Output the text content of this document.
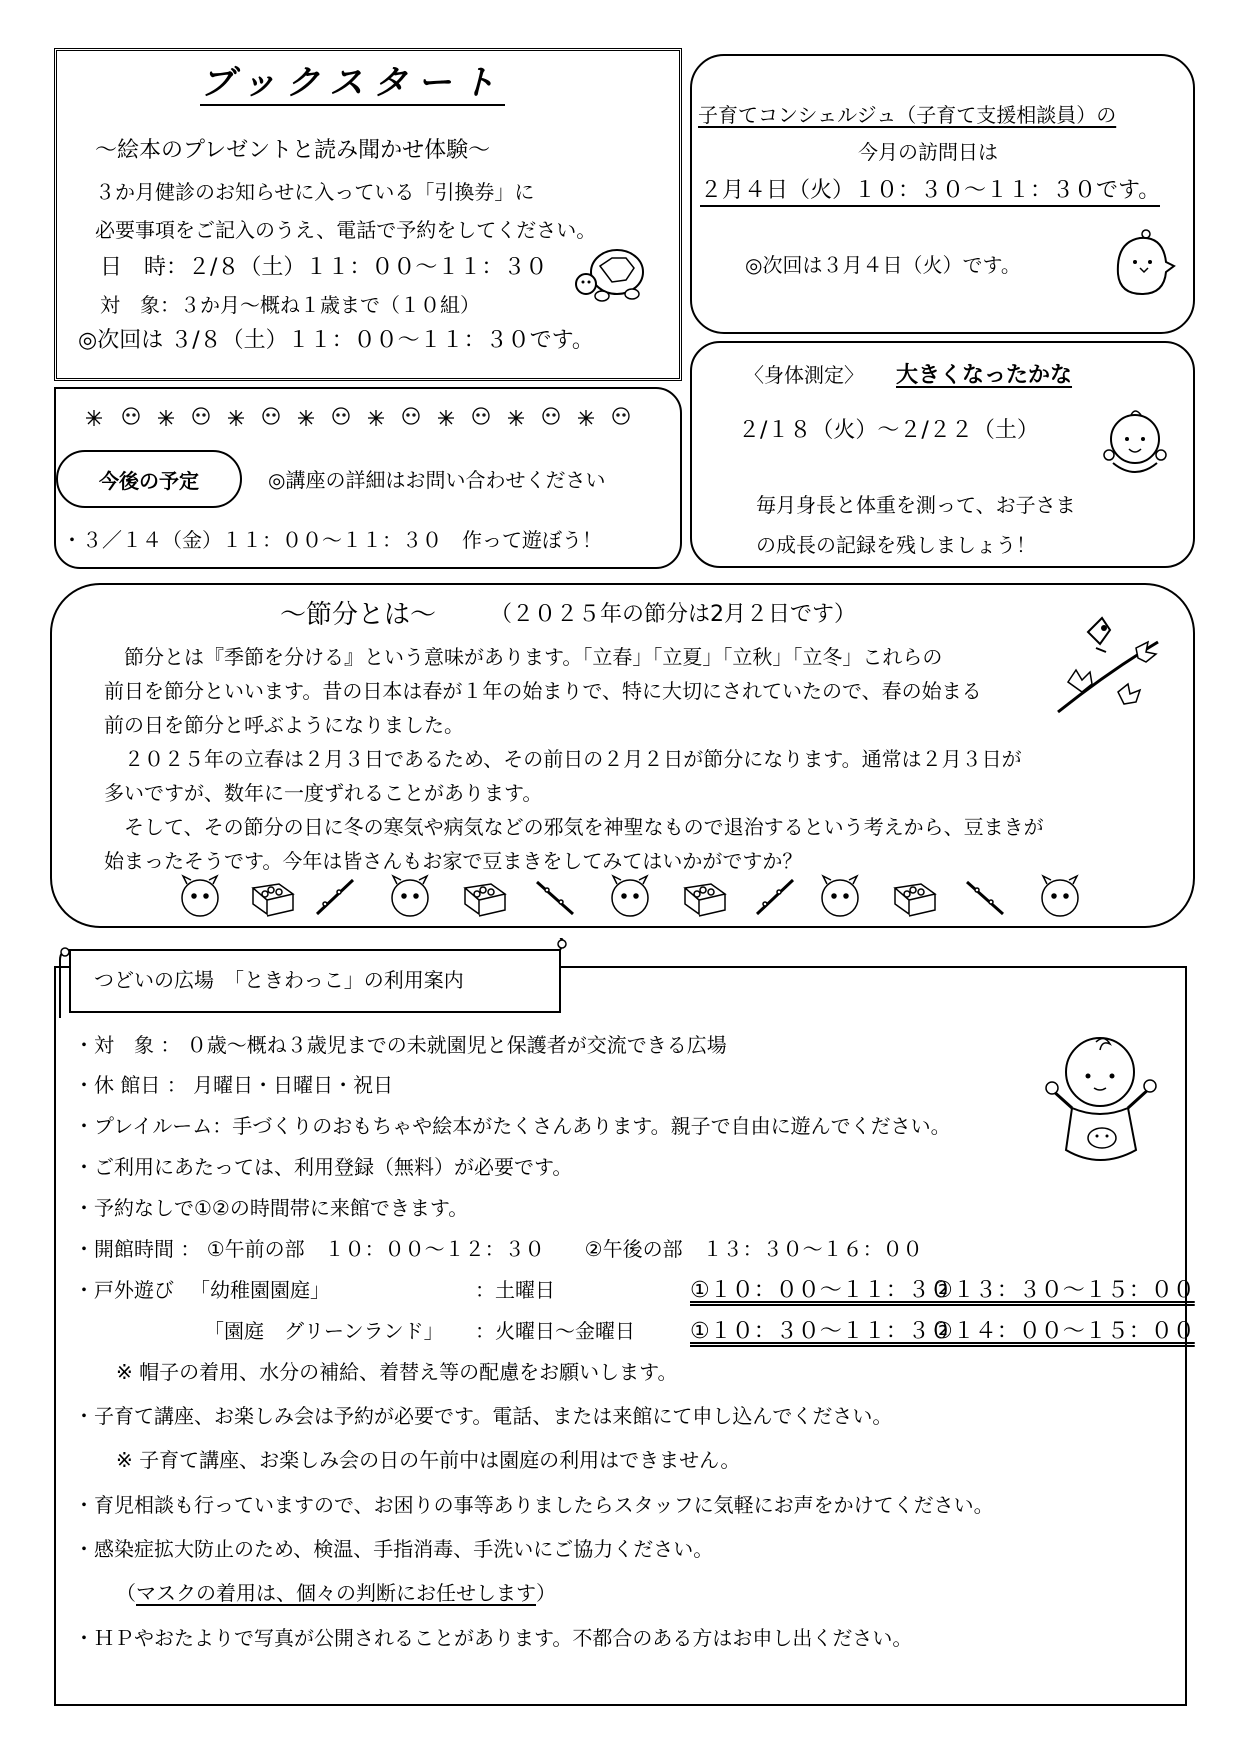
ブックスタート
～絵本のプレゼントと読み聞かせ体験～
３か月健診のお知らせに入っている「引換券」に
必要事項をご記入のうえ、電話で予約をしてください。
日　時：２/８（土）１１：００～１１：３０
対　象：３か月～概ね１歳まで（１０組）
◎次回は ３/８（土）１１：００～１１：３０です。
子育てコンシェルジュ（子育て支援相談員）の
今月の訪問日は
２月４日（火）１０：３０～１１：３０です。
◎次回は３月４日（火）です。
今後の予定	◎講座の詳細はお問い合わせください
・３／１４（金）１１：００～１１：３０　作って遊ぼう！
〈身体測定〉 大きくなったかな
２/１８（火）～２/２２（土）
毎月身長と体重を測って、お子さま
の成長の記録を残しましょう！
～節分とは～ （２０２５年の節分は2月２日です）
　節分とは『季節を分ける』という意味があります。「立春」「立夏」「立秋」「立冬」これらの
前日を節分といいます。昔の日本は春が１年の始まりで、特に大切にされていたので、春の始まる
前の日を節分と呼ぶようになりました。
　２０２５年の立春は２月３日であるため、その前日の２月２日が節分になります。通常は２月３日が
多いですが、数年に一度ずれることがあります。
　そして、その節分の日に冬の寒気や病気などの邪気を神聖なもので退治するという考えから、豆まきが
始まったそうです。今年は皆さんもお家で豆まきをしてみてはいかがですか？
つどいの広場　「ときわっこ」の利用案内
・対　象 ： ０歳～概ね３歳児までの未就園児と保護者が交流できる広場
・休 館日 ： 月曜日・日曜日・祝日
・プレイルーム：手づくりのおもちゃや絵本がたくさんあります。親子で自由に遊んでください。
・ご利用にあたっては、利用登録（無料）が必要です。
・予約なしで①②の時間帯に来館できます。
・開館時間 ： ①午前の部　１０：００～１２：３０　　②午後の部　１３：３０～１６：００
・戸外遊び 「幼稚園園庭」	：土曜日	①１０：００～１１：３０
②１３：３０～１５：００
「園庭　グリーンランド」 ：火曜日～金曜日	①１０：３０～１１：３０
②１４：００～１５：００
※ 帽子の着用、水分の補給、着替え等の配慮をお願いします。
・子育て講座、お楽しみ会は予約が必要です。電話、または来館にて申し込んでください。
※ 子育て講座、お楽しみ会の日の午前中は園庭の利用はできません。
・育児相談も行っていますので、お困りの事等ありましたらスタッフに気軽にお声をかけてください。
・感染症拡大防止のため、検温、手指消毒、手洗いにご協力ください。
（マスクの着用は、個々の判断にお任せします）
・ＨＰやおたよりで写真が公開されることがあります。不都合のある方はお申し出ください。
